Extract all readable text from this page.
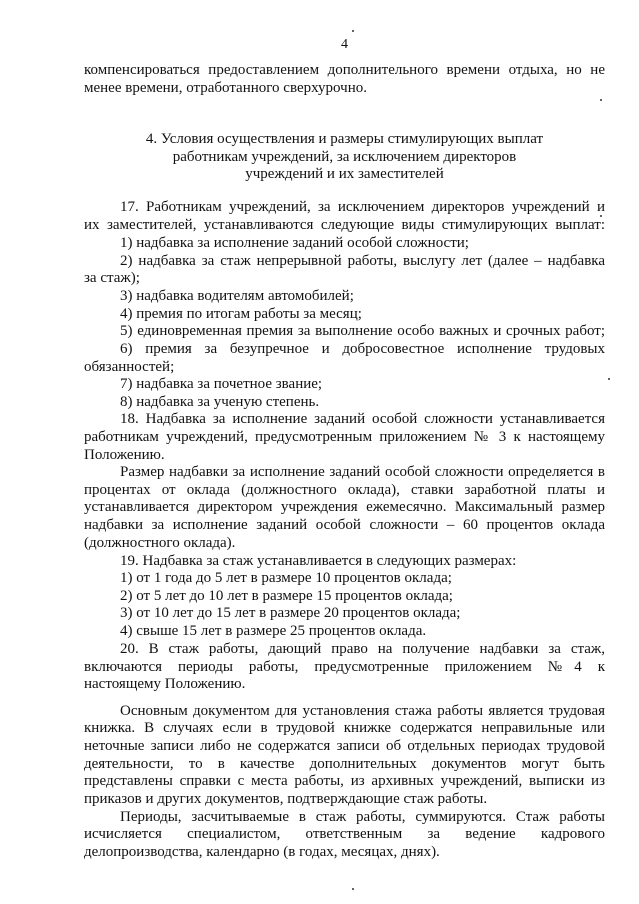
4
компенсироваться предоставлением дополнительного времени отдыха, но не
менее времени, отработанного сверхурочно.
4. Условия осуществления и размеры стимулирующих выплат
работникам учреждений, за исключением директоров
учреждений и их заместителей
17. Работникам учреждений, за исключением директоров учреждений и
их заместителей, устанавливаются следующие виды стимулирующих выплат:
1) надбавка за исполнение заданий особой сложности;
2) надбавка за стаж непрерывной работы, выслугу лет (далее – надбавка
за стаж);
3) надбавка водителям автомобилей;
4) премия по итогам работы за месяц;
5) единовременная премия за выполнение особо важных и срочных работ;
6) премия за безупречное и добросовестное исполнение трудовых
обязанностей;
7) надбавка за почетное звание;
8) надбавка за ученую степень.
18. Надбавка за исполнение заданий особой сложности устанавливается
работникам учреждений, предусмотренным приложением № 3 к настоящему
Положению.
Размер надбавки за исполнение заданий особой сложности определяется в
процентах от оклада (должностного оклада), ставки заработной платы и
устанавливается директором учреждения ежемесячно. Максимальный размер
надбавки за исполнение заданий особой сложности – 60 процентов оклада
(должностного оклада).
19. Надбавка за стаж устанавливается в следующих размерах:
1) от 1 года до 5 лет в размере 10 процентов оклада;
2) от 5 лет до 10 лет в размере 15 процентов оклада;
3) от 10 лет до 15 лет в размере 20 процентов оклада;
4) свыше 15 лет в размере 25 процентов оклада.
20. В стаж работы, дающий право на получение надбавки за стаж,
включаются периоды работы, предусмотренные приложением №4 к
настоящему Положению.
Основным документом для установления стажа работы является трудовая
книжка. В случаях если в трудовой книжке содержатся неправильные или
неточные записи либо не содержатся записи об отдельных периодах трудовой
деятельности, то в качестве дополнительных документов могут быть
представлены справки с места работы, из архивных учреждений, выписки из
приказов и других документов, подтверждающие стаж работы.
Периоды, засчитываемые в стаж работы, суммируются. Стаж работы
исчисляется специалистом, ответственным за ведение кадрового
делопроизводства, календарно (в годах, месяцах, днях).
